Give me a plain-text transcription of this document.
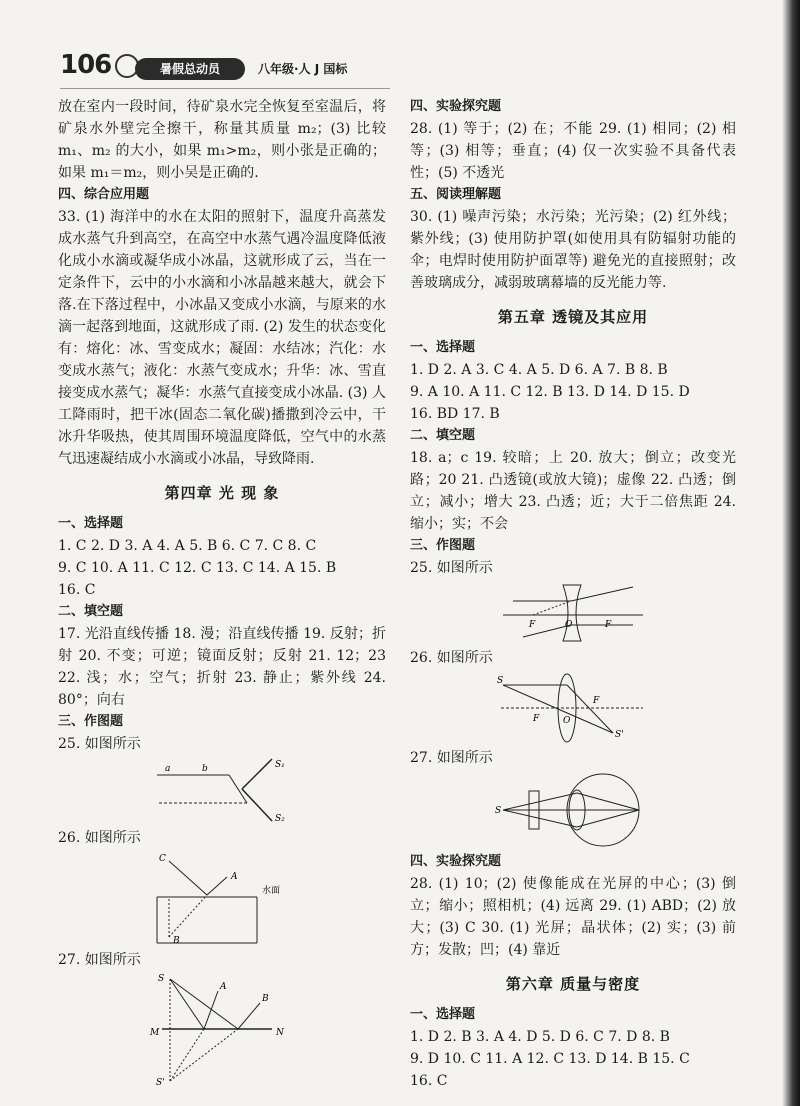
106	暑假总动员	八年级·人 J 国标

放在室内一段时间，待矿泉水完全恢复至室温后，将矿泉水外壁完全擦干，称量其质量 m₂；(3) 比较 m₁、m₂ 的大小，如果 m₁>m₂，则小张是正确的；如果 m₁＝m₂，则小吴是正确的.

四、综合应用题

33. (1) 海洋中的水在太阳的照射下，温度升高蒸发成水蒸气升到高空，在高空中水蒸气遇冷温度降低液化成小水滴或凝华成小冰晶，这就形成了云，当在一定条件下，云中的小水滴和小冰晶越来越大，就会下落.在下落过程中，小冰晶又变成小水滴，与原来的水滴一起落到地面，这就形成了雨. (2) 发生的状态变化有：熔化：冰、雪变成水；凝固：水结冰；汽化：水变成水蒸气；液化：水蒸气变成水；升华：冰、雪直接变成水蒸气；凝华：水蒸气直接变成小冰晶. (3) 人工降雨时，把干冰(固态二氧化碳)播撒到冷云中，干冰升华吸热，使其周围环境温度降低，空气中的水蒸气迅速凝结成小水滴或小冰晶，导致降雨.

第四章 光 现 象

一、选择题

1. C 2. D 3. A 4. A 5. B 6. C 7. C 8. C

9. C 10. A 11. C 12. C 13. C 14. A 15. B

16. C

二、填空题

17. 光沿直线传播 18. 漫；沿直线传播 19. 反射；折射 20. 不变；可逆；镜面反射；反射 21. 12；23 22. 浅；水；空气；折射 23. 静止；紫外线 24. 80°；向右

三、作图题

25. 如图所示

a	b	S₁
S₂

26. 如图所示

C
A
B
水面

27. 如图所示

S
A
B
M	N
S'

四、实验探究题

28. (1) 等于；(2) 在；不能 29. (1) 相同；(2) 相等；(3) 相等；垂直；(4) 仅一次实验不具备代表性；(5) 不透光

五、阅读理解题

30. (1) 噪声污染；水污染；光污染；(2) 红外线；紫外线；(3) 使用防护罩(如使用具有防辐射功能的伞；电焊时使用防护面罩等) 避免光的直接照射；改善玻璃成分，减弱玻璃幕墙的反光能力等.

第五章 透镜及其应用

一、选择题

1. D 2. A 3. C 4. A 5. D 6. A 7. B 8. B

9. A 10. A 11. C 12. B 13. D 14. D 15. D

16. BD 17. B

二、填空题

18. a；c 19. 较暗；上 20. 放大；倒立；改变光路；20 21. 凸透镜(或放大镜)；虚像 22. 凸透；倒立；减小；增大 23. 凸透；近；大于二倍焦距 24. 缩小；实；不会

三、作图题

25. 如图所示

F	O	F

26. 如图所示

S
F	O
F
S'

27. 如图所示

S

四、实验探究题

28. (1) 10；(2) 使像能成在光屏的中心；(3) 倒立；缩小；照相机；(4) 远离 29. (1) ABD；(2) 放大；(3) C 30. (1) 光屏；晶状体；(2) 实；(3) 前方；发散；凹；(4) 靠近

第六章 质量与密度

一、选择题

1. D 2. B 3. A 4. D 5. D 6. C 7. D 8. B

9. D 10. C 11. A 12. C 13. D 14. B 15. C

16. C
